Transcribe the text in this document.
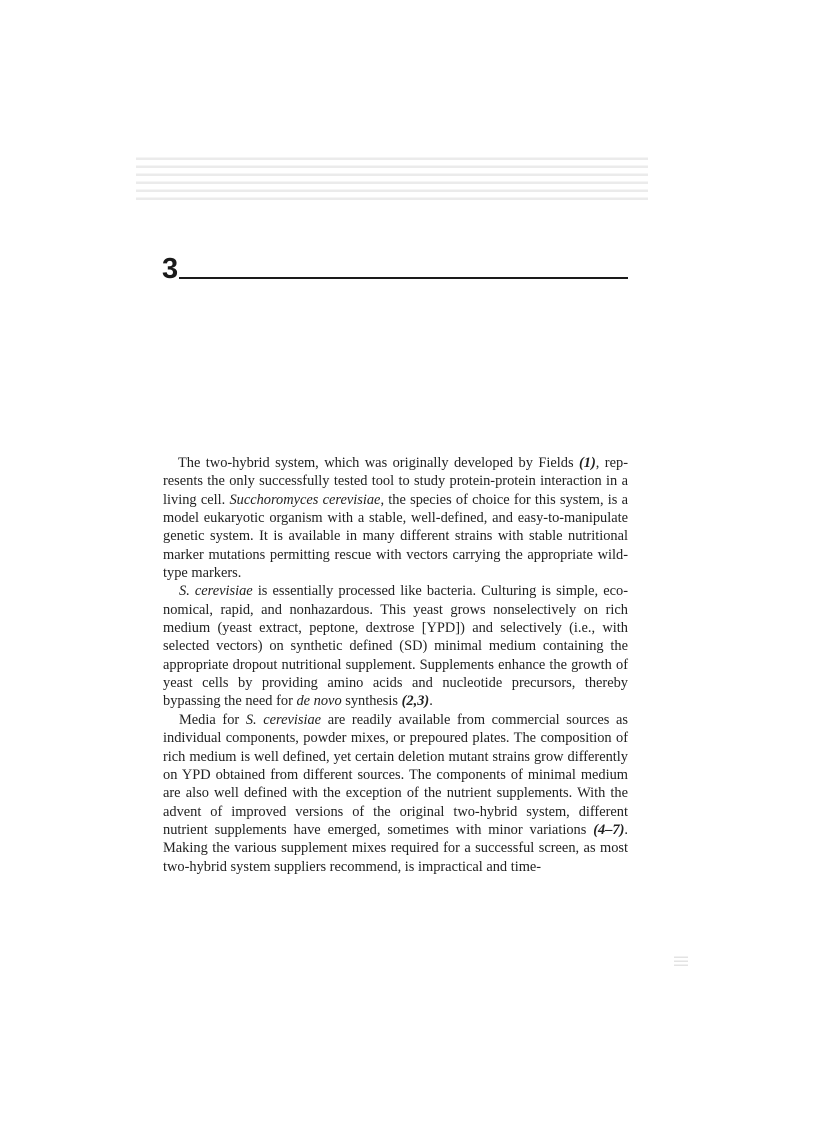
3

The two-hybrid system, which was originally developed by Fields (1), represents the only successfully tested tool to study protein-protein interaction in a living cell. Succhoromyces cerevisiae, the species of choice for this system, is a model eukaryotic organism with a stable, well-defined, and easy-to-manipulate genetic system. It is available in many different strains with stable nutritional marker mutations permitting rescue with vectors carrying the appropriate wild-type markers.

S. cerevisiae is essentially processed like bacteria. Culturing is simple, economical, rapid, and nonhazardous. This yeast grows nonselectively on rich medium (yeast extract, peptone, dextrose [YPD]) and selectively (i.e., with selected vectors) on synthetic defined (SD) minimal medium containing the appropriate dropout nutritional supplement. Supplements enhance the growth of yeast cells by providing amino acids and nucleotide precursors, thereby bypassing the need for de novo synthesis (2,3).

Media for S. cerevisiae are readily available from commercial sources as individual components, powder mixes, or prepoured plates. The composition of rich medium is well defined, yet certain deletion mutant strains grow differently on YPD obtained from different sources. The components of minimal medium are also well defined with the exception of the nutrient supplements. With the advent of improved versions of the original two-hybrid system, different nutrient supplements have emerged, sometimes with minor variations (4–7). Making the various supplement mixes required for a successful screen, as most two-hybrid system suppliers recommend, is impractical and time-
